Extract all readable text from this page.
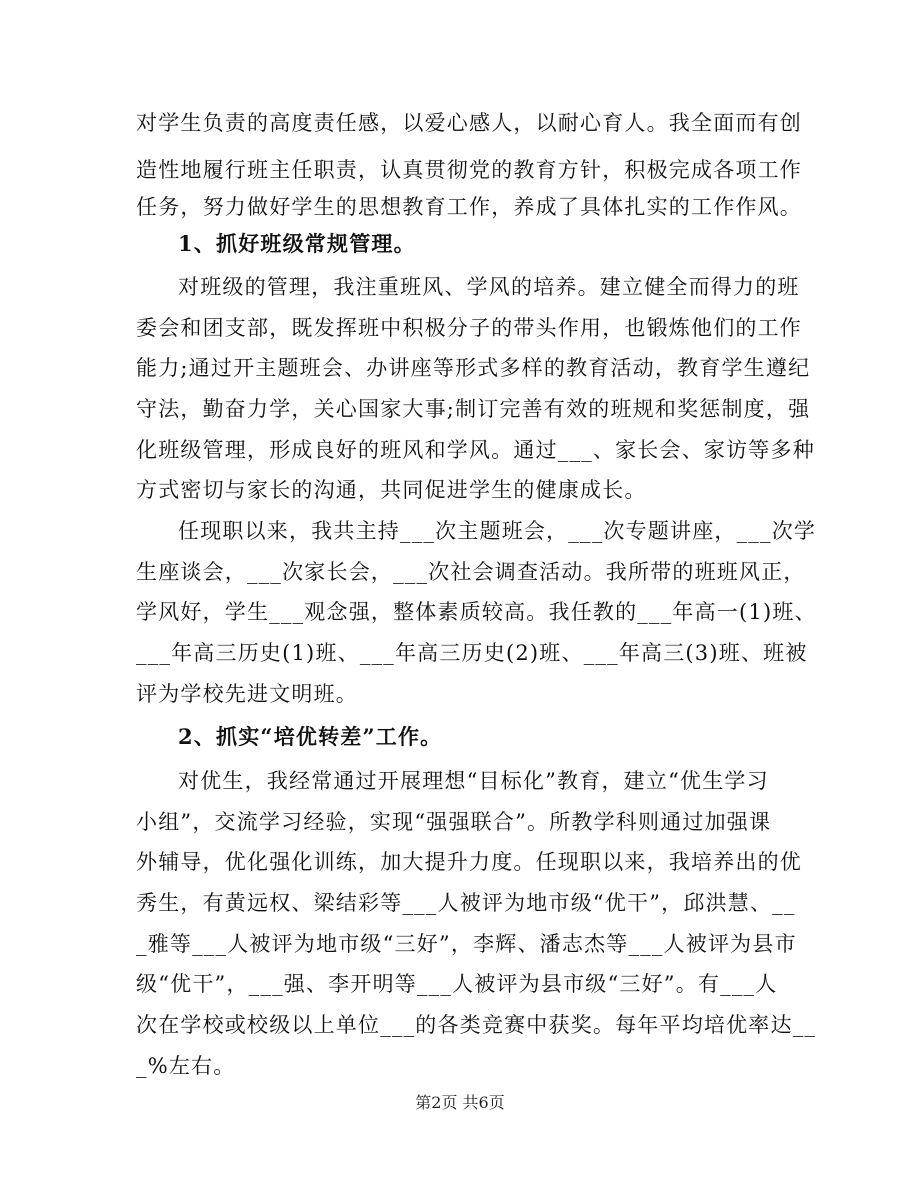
对学生负责的高度责任感，以爱心感人，以耐心育人。我全面而有创
造性地履行班主任职责，认真贯彻党的教育方针，积极完成各项工作
任务，努力做好学生的思想教育工作，养成了具体扎实的工作作风。
1、抓好班级常规管理。
对班级的管理，我注重班风、学风的培养。建立健全而得力的班
委会和团支部，既发挥班中积极分子的带头作用，也锻炼他们的工作
能力;通过开主题班会、办讲座等形式多样的教育活动，教育学生遵纪
守法，勤奋力学，关心国家大事;制订完善有效的班规和奖惩制度，强
化班级管理，形成良好的班风和学风。通过___、家长会、家访等多种
方式密切与家长的沟通，共同促进学生的健康成长。
任现职以来，我共主持___次主题班会，___次专题讲座，___次学
生座谈会，___次家长会，___次社会调查活动。我所带的班班风正，
学风好，学生___观念强，整体素质较高。我任教的___年高一(1)班、
___年高三历史(1)班、___年高三历史(2)班、___年高三(3)班、班被
评为学校先进文明班。
2、抓实“培优转差”工作。
对优生，我经常通过开展理想“目标化”教育，建立“优生学习
小组”，交流学习经验，实现“强强联合”。所教学科则通过加强课
外辅导，优化强化训练，加大提升力度。任现职以来，我培养出的优
秀生，有黄远权、梁结彩等___人被评为地市级“优干”，邱洪慧、__
_雅等___人被评为地市级“三好”，李辉、潘志杰等___人被评为县市
级“优干”，___强、李开明等___人被评为县市级“三好”。有___人
次在学校或校级以上单位___的各类竞赛中获奖。每年平均培优率达__
_%左右。
第2页 共6页
